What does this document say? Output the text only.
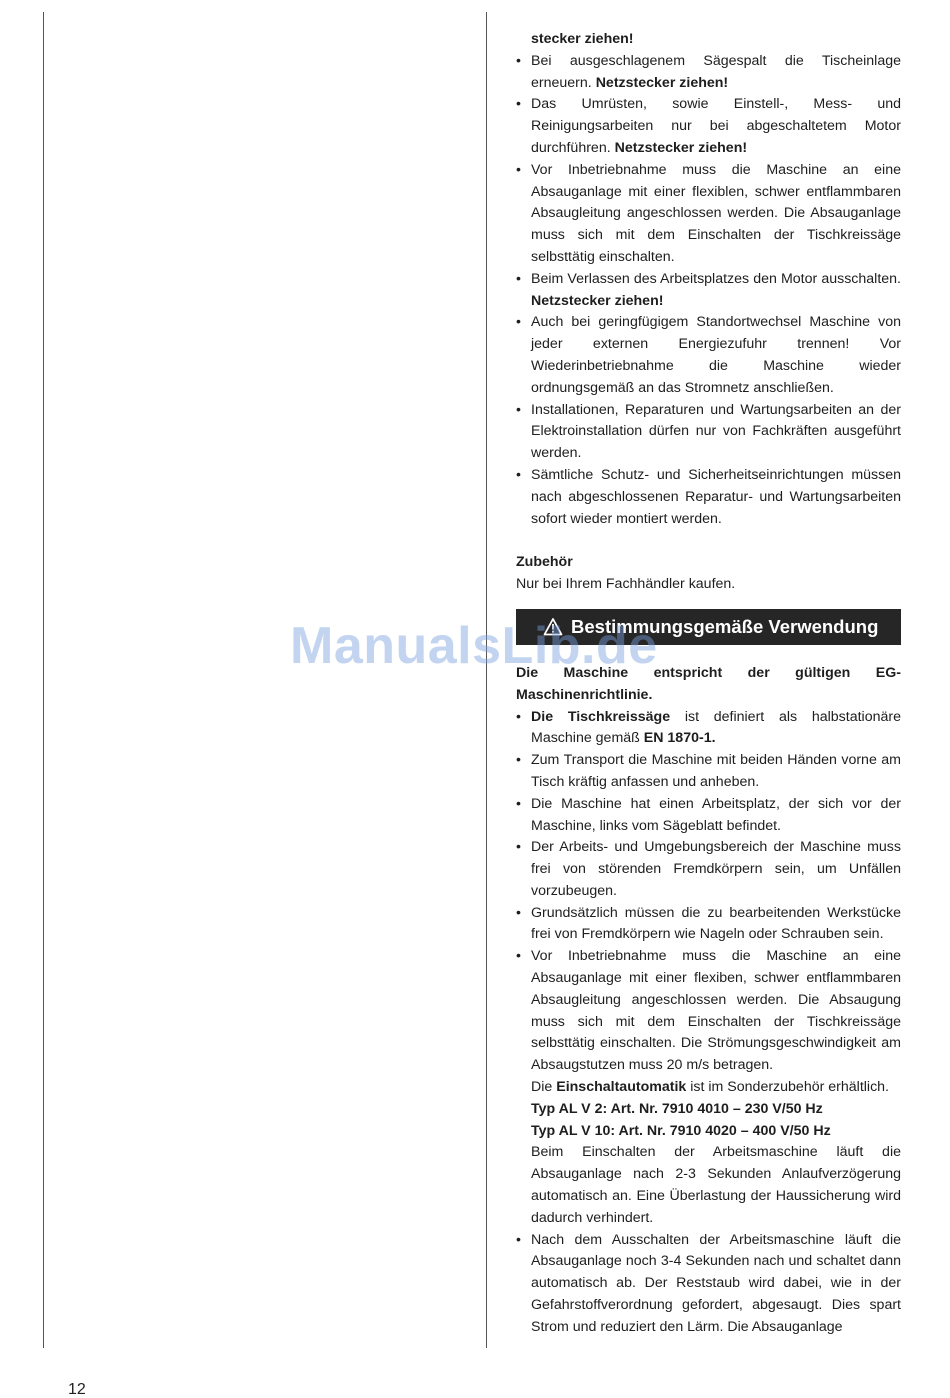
stecker ziehen!
• Bei ausgeschlagenem Sägespalt die Tischeinlage erneuern. Netzstecker ziehen!
• Das Umrüsten, sowie Einstell-, Mess- und Reinigungsarbeiten nur bei abgeschaltetem Motor durchführen. Netzstecker ziehen!
• Vor Inbetriebnahme muss die Maschine an eine Absauganlage mit einer flexiblen, schwer entflammbaren Absaugleitung angeschlossen werden. Die Absauganlage muss sich mit dem Einschalten der Tischkreissäge selbsttätig einschalten.
• Beim Verlassen des Arbeitsplatzes den Motor ausschalten. Netzstecker ziehen!
• Auch bei geringfügigem Standortwechsel Maschine von jeder externen Energiezufuhr trennen! Vor Wiederinbetriebnahme die Maschine wieder ordnungsgemäß an das Stromnetz anschließen.
• Installationen, Reparaturen und Wartungsarbeiten an der Elektroinstallation dürfen nur von Fachkräften ausgeführt werden.
• Sämtliche Schutz- und Sicherheitseinrichtungen müssen nach abgeschlossenen Reparatur- und Wartungsarbeiten sofort wieder montiert werden.
Zubehör
Nur bei Ihrem Fachhändler kaufen.
Bestimmungsgemäße Verwendung
Die Maschine entspricht der gültigen EG-Maschinenrichtlinie.
• Die Tischkreissäge ist definiert als halbstationäre Maschine gemäß EN 1870-1.
• Zum Transport die Maschine mit beiden Händen vorne am Tisch kräftig anfassen und anheben.
• Die Maschine hat einen Arbeitsplatz, der sich vor der Maschine, links vom Sägeblatt befindet.
• Der Arbeits- und Umgebungsbereich der Maschine muss frei von störenden Fremdkörpern sein, um Unfällen vorzubeugen.
• Grundsätzlich müssen die zu bearbeitenden Werkstücke frei von Fremdkörpern wie Nageln oder Schrauben sein.
• Vor Inbetriebnahme muss die Maschine an eine Absauganlage mit einer flexiben, schwer entflammbaren Absaugleitung angeschlossen werden. Die Absaugung muss sich mit dem Einschalten der Tischkreissäge selbsttätig einschalten. Die Strömungsgeschwindigkeit am Absaugstutzen muss 20 m/s betragen.
Die Einschaltautomatik ist im Sonderzubehör erhältlich.
Typ AL V 2: Art. Nr. 7910 4010 – 230 V/50 Hz
Typ AL V 10: Art. Nr. 7910 4020 – 400 V/50 Hz
Beim Einschalten der Arbeitsmaschine läuft die Absauganlage nach 2-3 Sekunden Anlaufverzögerung automatisch an. Eine Überlastung der Haussicherung wird dadurch verhindert.
• Nach dem Ausschalten der Arbeitsmaschine läuft die Absauganlage noch 3-4 Sekunden nach und schaltet dann automatisch ab. Der Reststaub wird dabei, wie in der Gefahrstoffverordnung gefordert, abgesaugt. Dies spart Strom und reduziert den Lärm. Die Absauganlage
ManualsLib.de
12
